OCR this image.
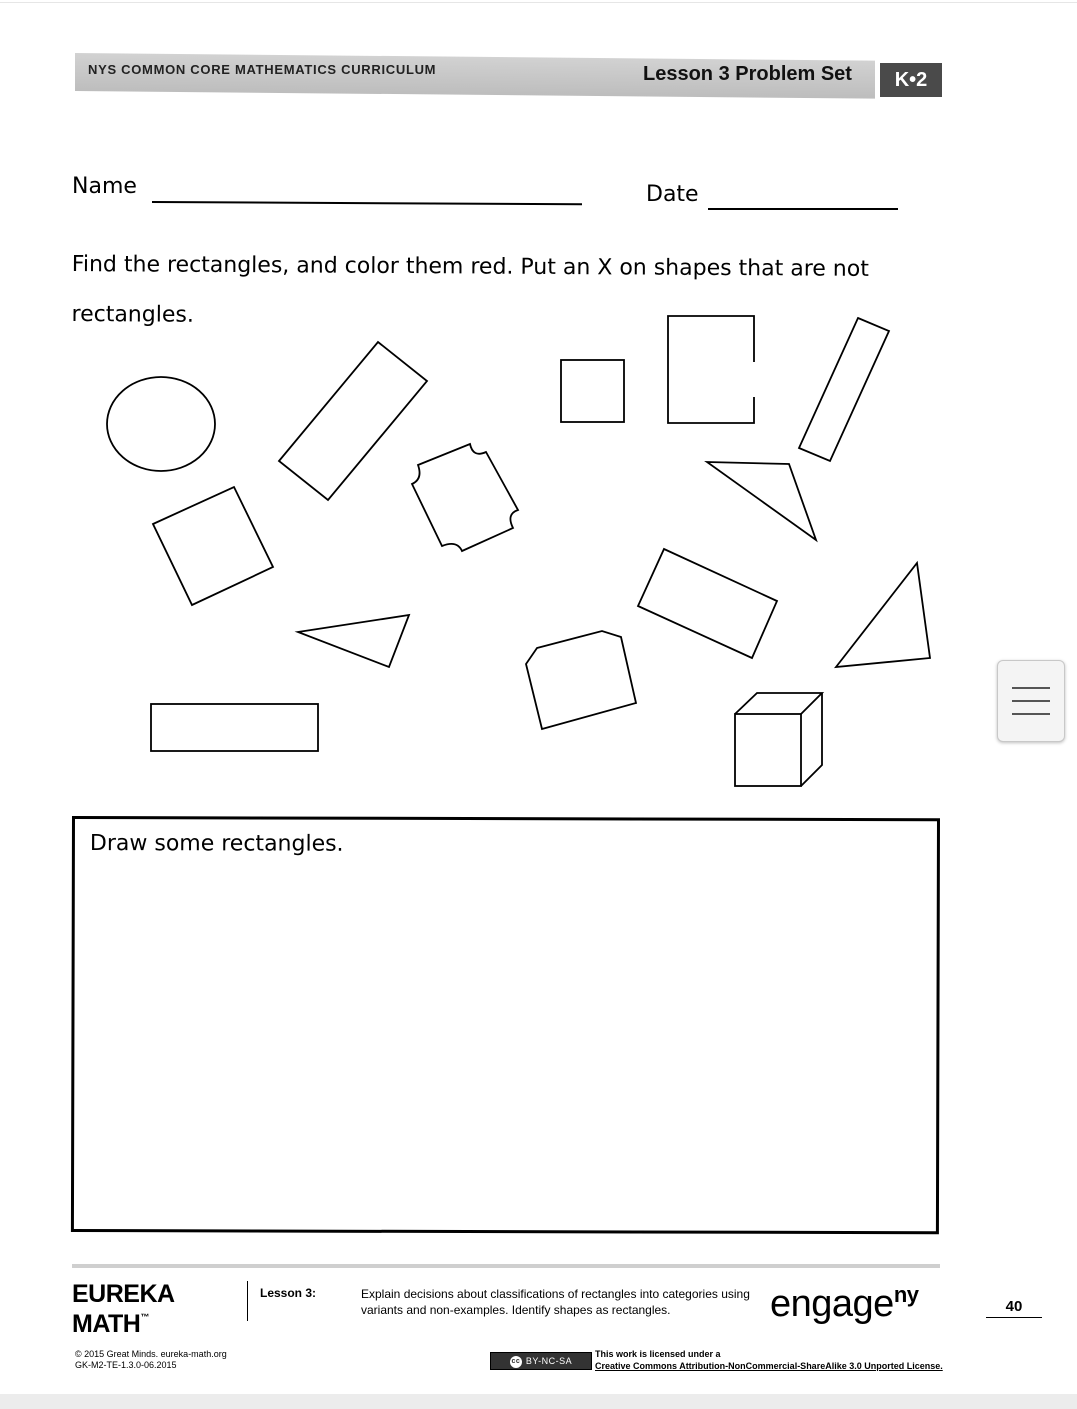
NYS COMMON CORE MATHEMATICS CURRICULUM	Lesson 3 Problem Set	K•2
Name	Date
Find the rectangles, and color them red. Put an X on shapes that are not rectangles.
Draw some rectangles.
EUREKA
MATH™
Lesson 3:	Explain decisions about classifications of rectangles into categories using variants and non-examples. Identify shapes as rectangles.	engage$^{ny}$	40
© 2015 Great Minds. eureka-math.org
GK-M2-TE-1.3.0-06.2015	cc BY-NC-SA
This work is licensed under a
Creative Commons Attribution-NonCommercial-ShareAlike 3.0 Unported License.
